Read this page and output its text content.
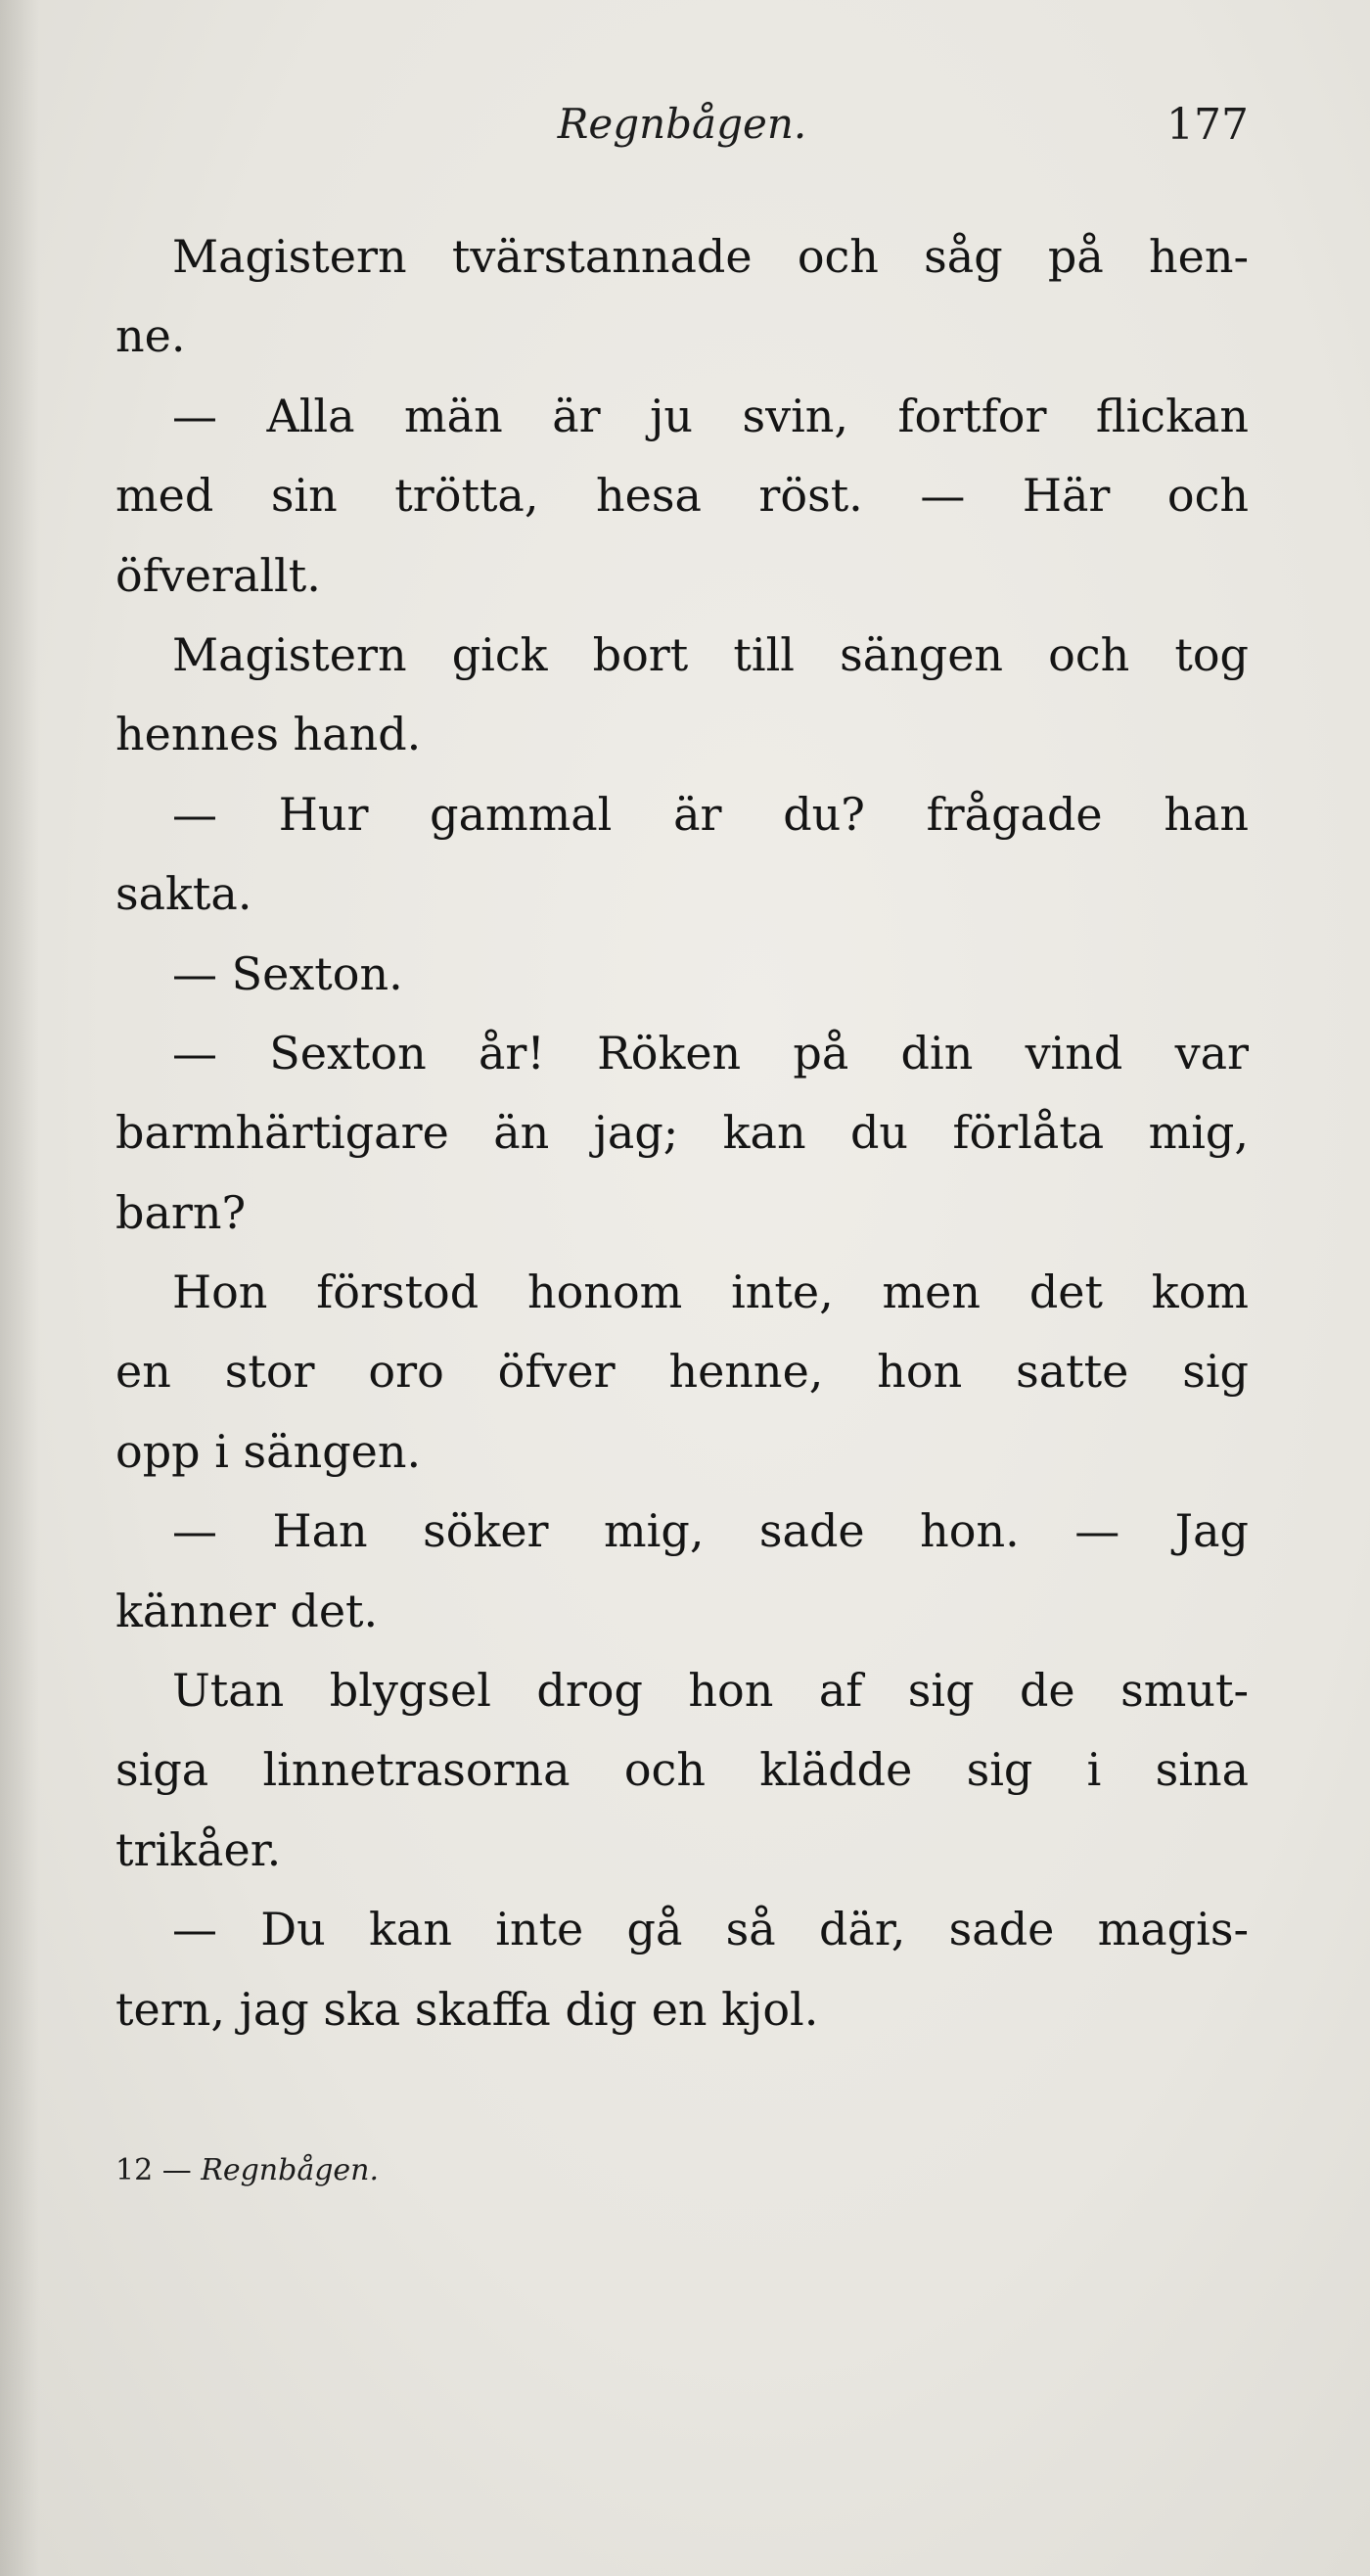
Regnbågen.	177
Magistern tvärstannade och såg på hen-
ne.
— Alla män är ju svin, fortfor flickan
med sin trötta, hesa röst. — Här och
öfverallt.
Magistern gick bort till sängen och tog
hennes hand.
— Hur gammal är du? frågade han
sakta.
— Sexton.
— Sexton år! Röken på din vind var
barmhärtigare än jag; kan du förlåta mig,
barn?
Hon förstod honom inte, men det kom
en stor oro öfver henne, hon satte sig
opp i sängen.
— Han söker mig, sade hon. — Jag
känner det.
Utan blygsel drog hon af sig de smut-
siga linnetrasorna och klädde sig i sina
trikåer.
— Du kan inte gå så där, sade magis-
tern, jag ska skaffa dig en kjol.
12 — Regnbågen.
